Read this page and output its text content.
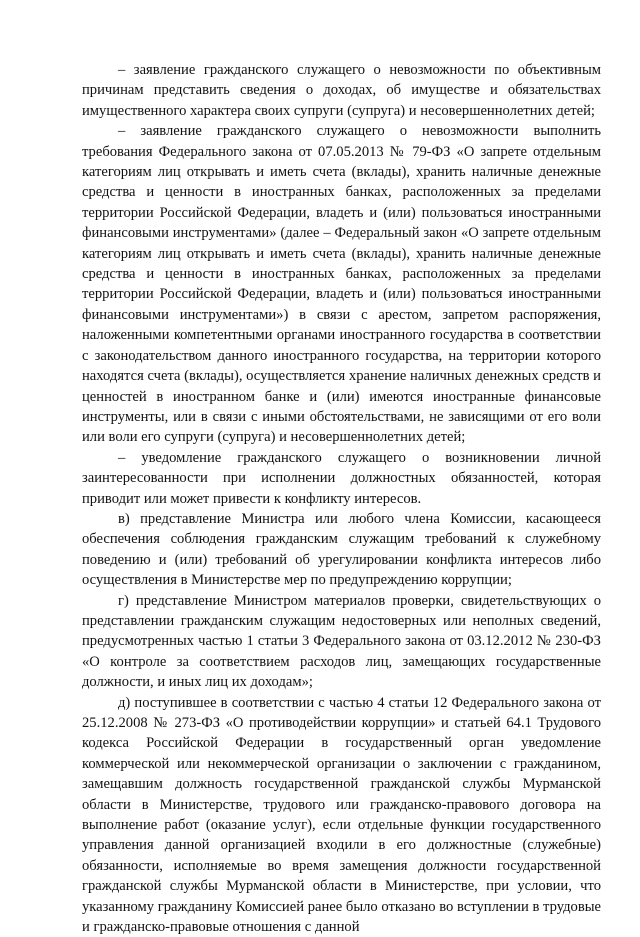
– заявление гражданского служащего о невозможности по объективным причинам представить сведения о доходах, об имуществе и обязательствах имущественного характера своих супруги (супруга) и несовершеннолетних детей;

– заявление гражданского служащего о невозможности выполнить требования Федерального закона от 07.05.2013 № 79-ФЗ «О запрете отдельным категориям лиц открывать и иметь счета (вклады), хранить наличные денежные средства и ценности в иностранных банках, расположенных за пределами территории Российской Федерации, владеть и (или) пользоваться иностранными финансовыми инструментами» (далее – Федеральный закон «О запрете отдельным категориям лиц открывать и иметь счета (вклады), хранить наличные денежные средства и ценности в иностранных банках, расположенных за пределами территории Российской Федерации, владеть и (или) пользоваться иностранными финансовыми инструментами») в связи с арестом, запретом распоряжения, наложенными компетентными органами иностранного государства в соответствии с законодательством данного иностранного государства, на территории которого находятся счета (вклады), осуществляется хранение наличных денежных средств и ценностей в иностранном банке и (или) имеются иностранные финансовые инструменты, или в связи с иными обстоятельствами, не зависящими от его воли или воли его супруги (супруга) и несовершеннолетних детей;

– уведомление гражданского служащего о возникновении личной заинтересованности при исполнении должностных обязанностей, которая приводит или может привести к конфликту интересов.

в) представление Министра или любого члена Комиссии, касающееся обеспечения соблюдения гражданским служащим требований к служебному поведению и (или) требований об урегулировании конфликта интересов либо осуществления в Министерстве мер по предупреждению коррупции;

г) представление Министром материалов проверки, свидетельствующих о представлении гражданским служащим недостоверных или неполных сведений, предусмотренных частью 1 статьи 3 Федерального закона от 03.12.2012 № 230-ФЗ «О контроле за соответствием расходов лиц, замещающих государственные должности, и иных лиц их доходам»;

д) поступившее в соответствии с частью 4 статьи 12 Федерального закона от 25.12.2008 № 273-ФЗ «О противодействии коррупции» и статьей 64.1 Трудового кодекса Российской Федерации в государственный орган уведомление коммерческой или некоммерческой организации о заключении с гражданином, замещавшим должность государственной гражданской службы Мурманской области в Министерстве, трудового или гражданско-правового договора на выполнение работ (оказание услуг), если отдельные функции государственного управления данной организацией входили в его должностные (служебные) обязанности, исполняемые во время замещения должности государственной гражданской службы Мурманской области в Министерстве, при условии, что указанному гражданину Комиссией ранее было отказано во вступлении в трудовые и гражданско-правовые отношения с данной
